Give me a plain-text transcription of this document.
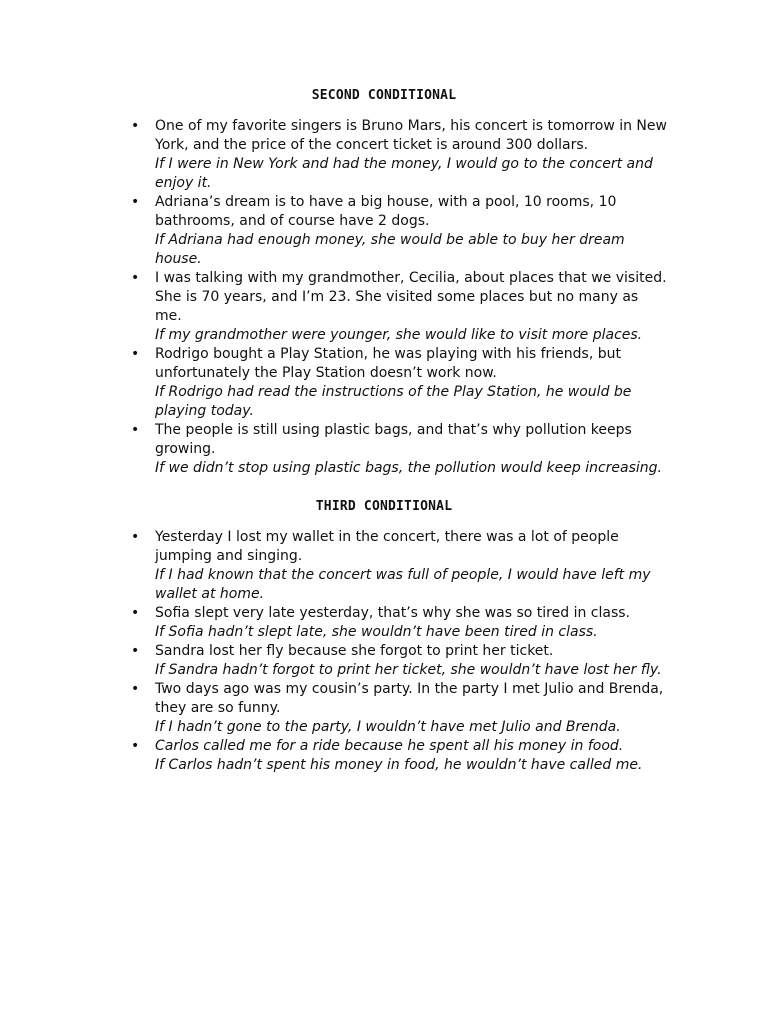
SECOND CONDITIONAL
• One of my favorite singers is Bruno Mars, his concert is tomorrow in New York, and the price of the concert ticket is around 300 dollars.
If I were in New York and had the money, I would go to the concert and enjoy it.
• Adriana’s dream is to have a big house, with a pool, 10 rooms, 10 bathrooms, and of course have 2 dogs.
If Adriana had enough money, she would be able to buy her dream house.
• I was talking with my grandmother, Cecilia, about places that we visited. She is 70 years, and I’m 23. She visited some places but no many as me.
If my grandmother were younger, she would like to visit more places.
• Rodrigo bought a Play Station, he was playing with his friends, but unfortunately the Play Station doesn’t work now.
If Rodrigo had read the instructions of the Play Station, he would be playing today.
• The people is still using plastic bags, and that’s why pollution keeps growing.
If we didn’t stop using plastic bags, the pollution would keep increasing.
THIRD CONDITIONAL
• Yesterday I lost my wallet in the concert, there was a lot of people jumping and singing.
If I had known that the concert was full of people, I would have left my wallet at home.
• Sofia slept very late yesterday, that’s why she was so tired in class.
If Sofia hadn’t slept late, she wouldn’t have been tired in class.
• Sandra lost her fly because she forgot to print her ticket.
If Sandra hadn’t forgot to print her ticket, she wouldn’t have lost her fly.
• Two days ago was my cousin’s party. In the party I met Julio and Brenda, they are so funny.
If I hadn’t gone to the party, I wouldn’t have met Julio and Brenda.
• Carlos called me for a ride because he spent all his money in food.
If Carlos hadn’t spent his money in food, he wouldn’t have called me.
